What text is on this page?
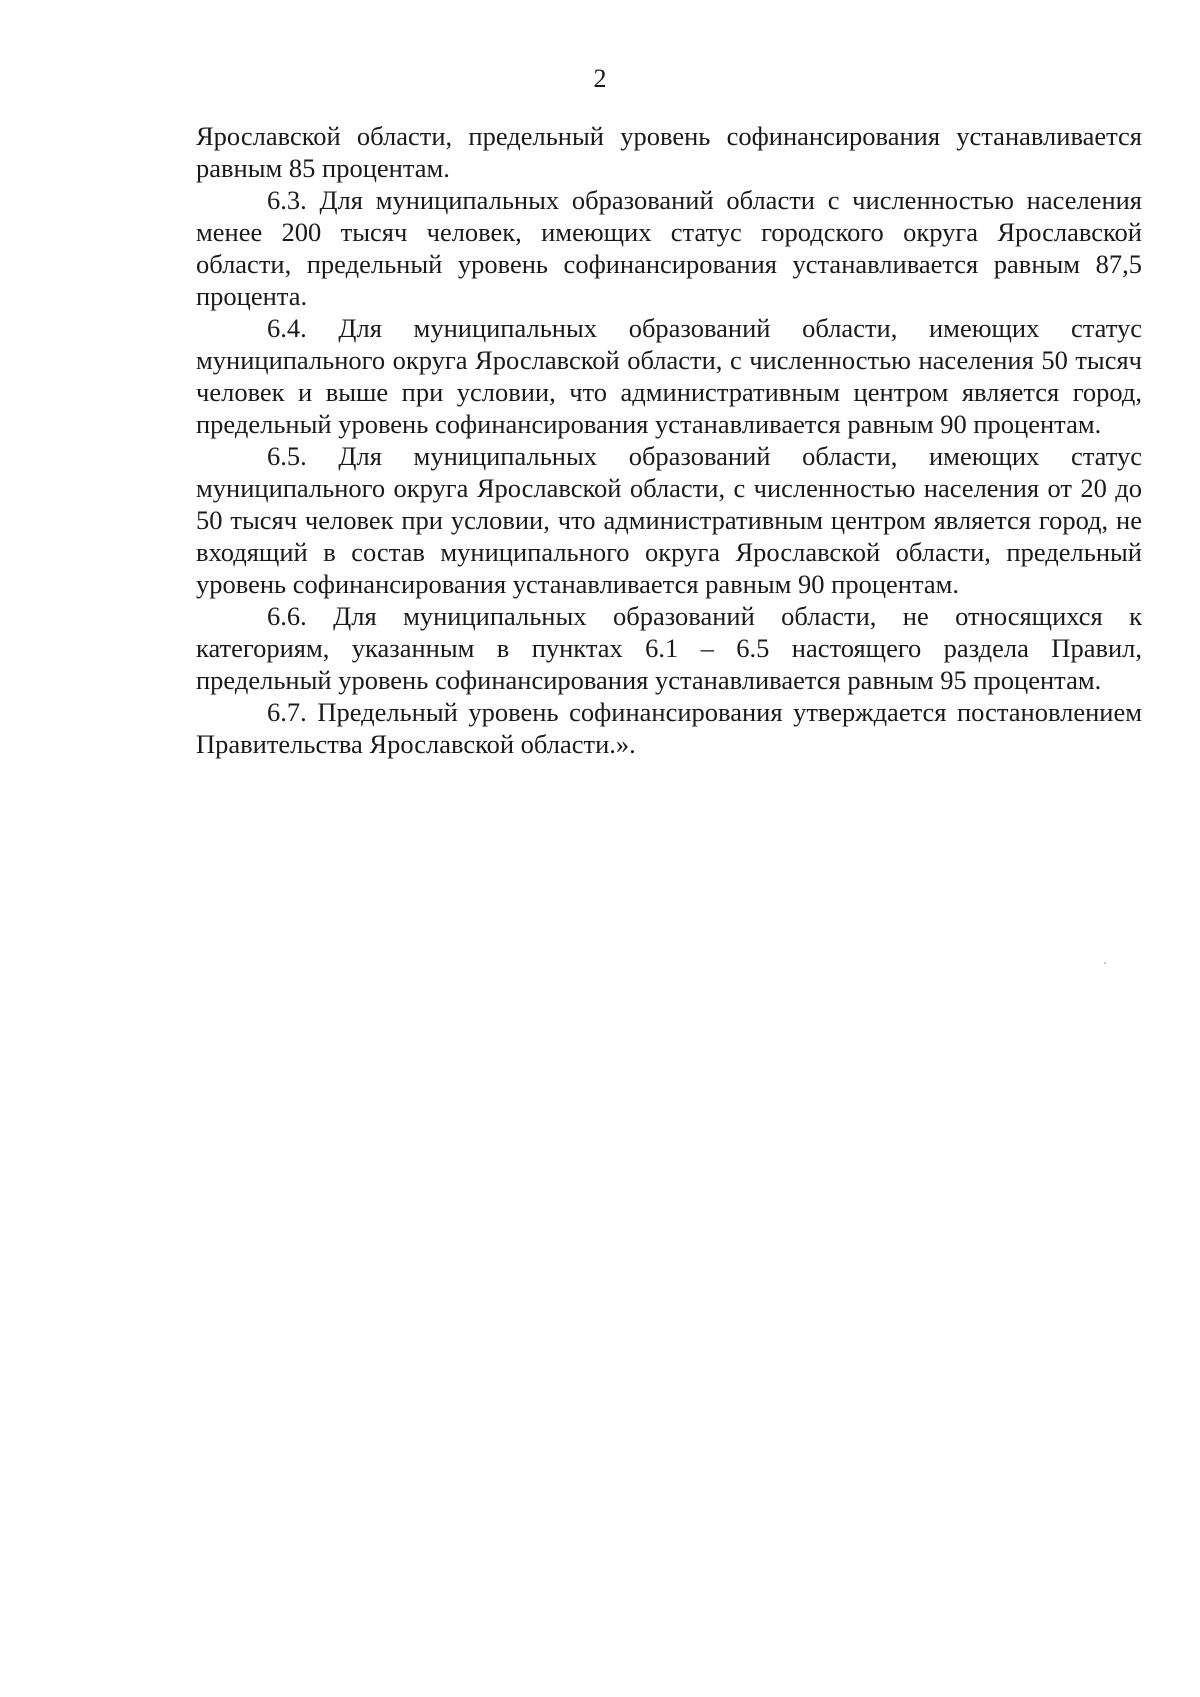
2

Ярославской области, предельный уровень софинансирования устанавливается равным 85 процентам.

6.3. Для муниципальных образований области с численностью населения менее 200 тысяч человек, имеющих статус городского округа Ярославской области, предельный уровень софинансирования устанавливается равным 87,5 процента.

6.4. Для муниципальных образований области, имеющих статус муниципального округа Ярославской области, с численностью населения 50 тысяч человек и выше при условии, что административным центром является город, предельный уровень софинансирования устанавливается равным 90 процентам.

6.5. Для муниципальных образований области, имеющих статус муниципального округа Ярославской области, с численностью населения от 20 до 50 тысяч человек при условии, что административным центром является город, не входящий в состав муниципального округа Ярославской области, предельный уровень софинансирования устанавливается равным 90 процентам.

6.6. Для муниципальных образований области, не относящихся к категориям, указанным в пунктах 6.1 – 6.5 настоящего раздела Правил, предельный уровень софинансирования устанавливается равным 95 процентам.

6.7. Предельный уровень софинансирования утверждается постановлением Правительства Ярославской области.».
